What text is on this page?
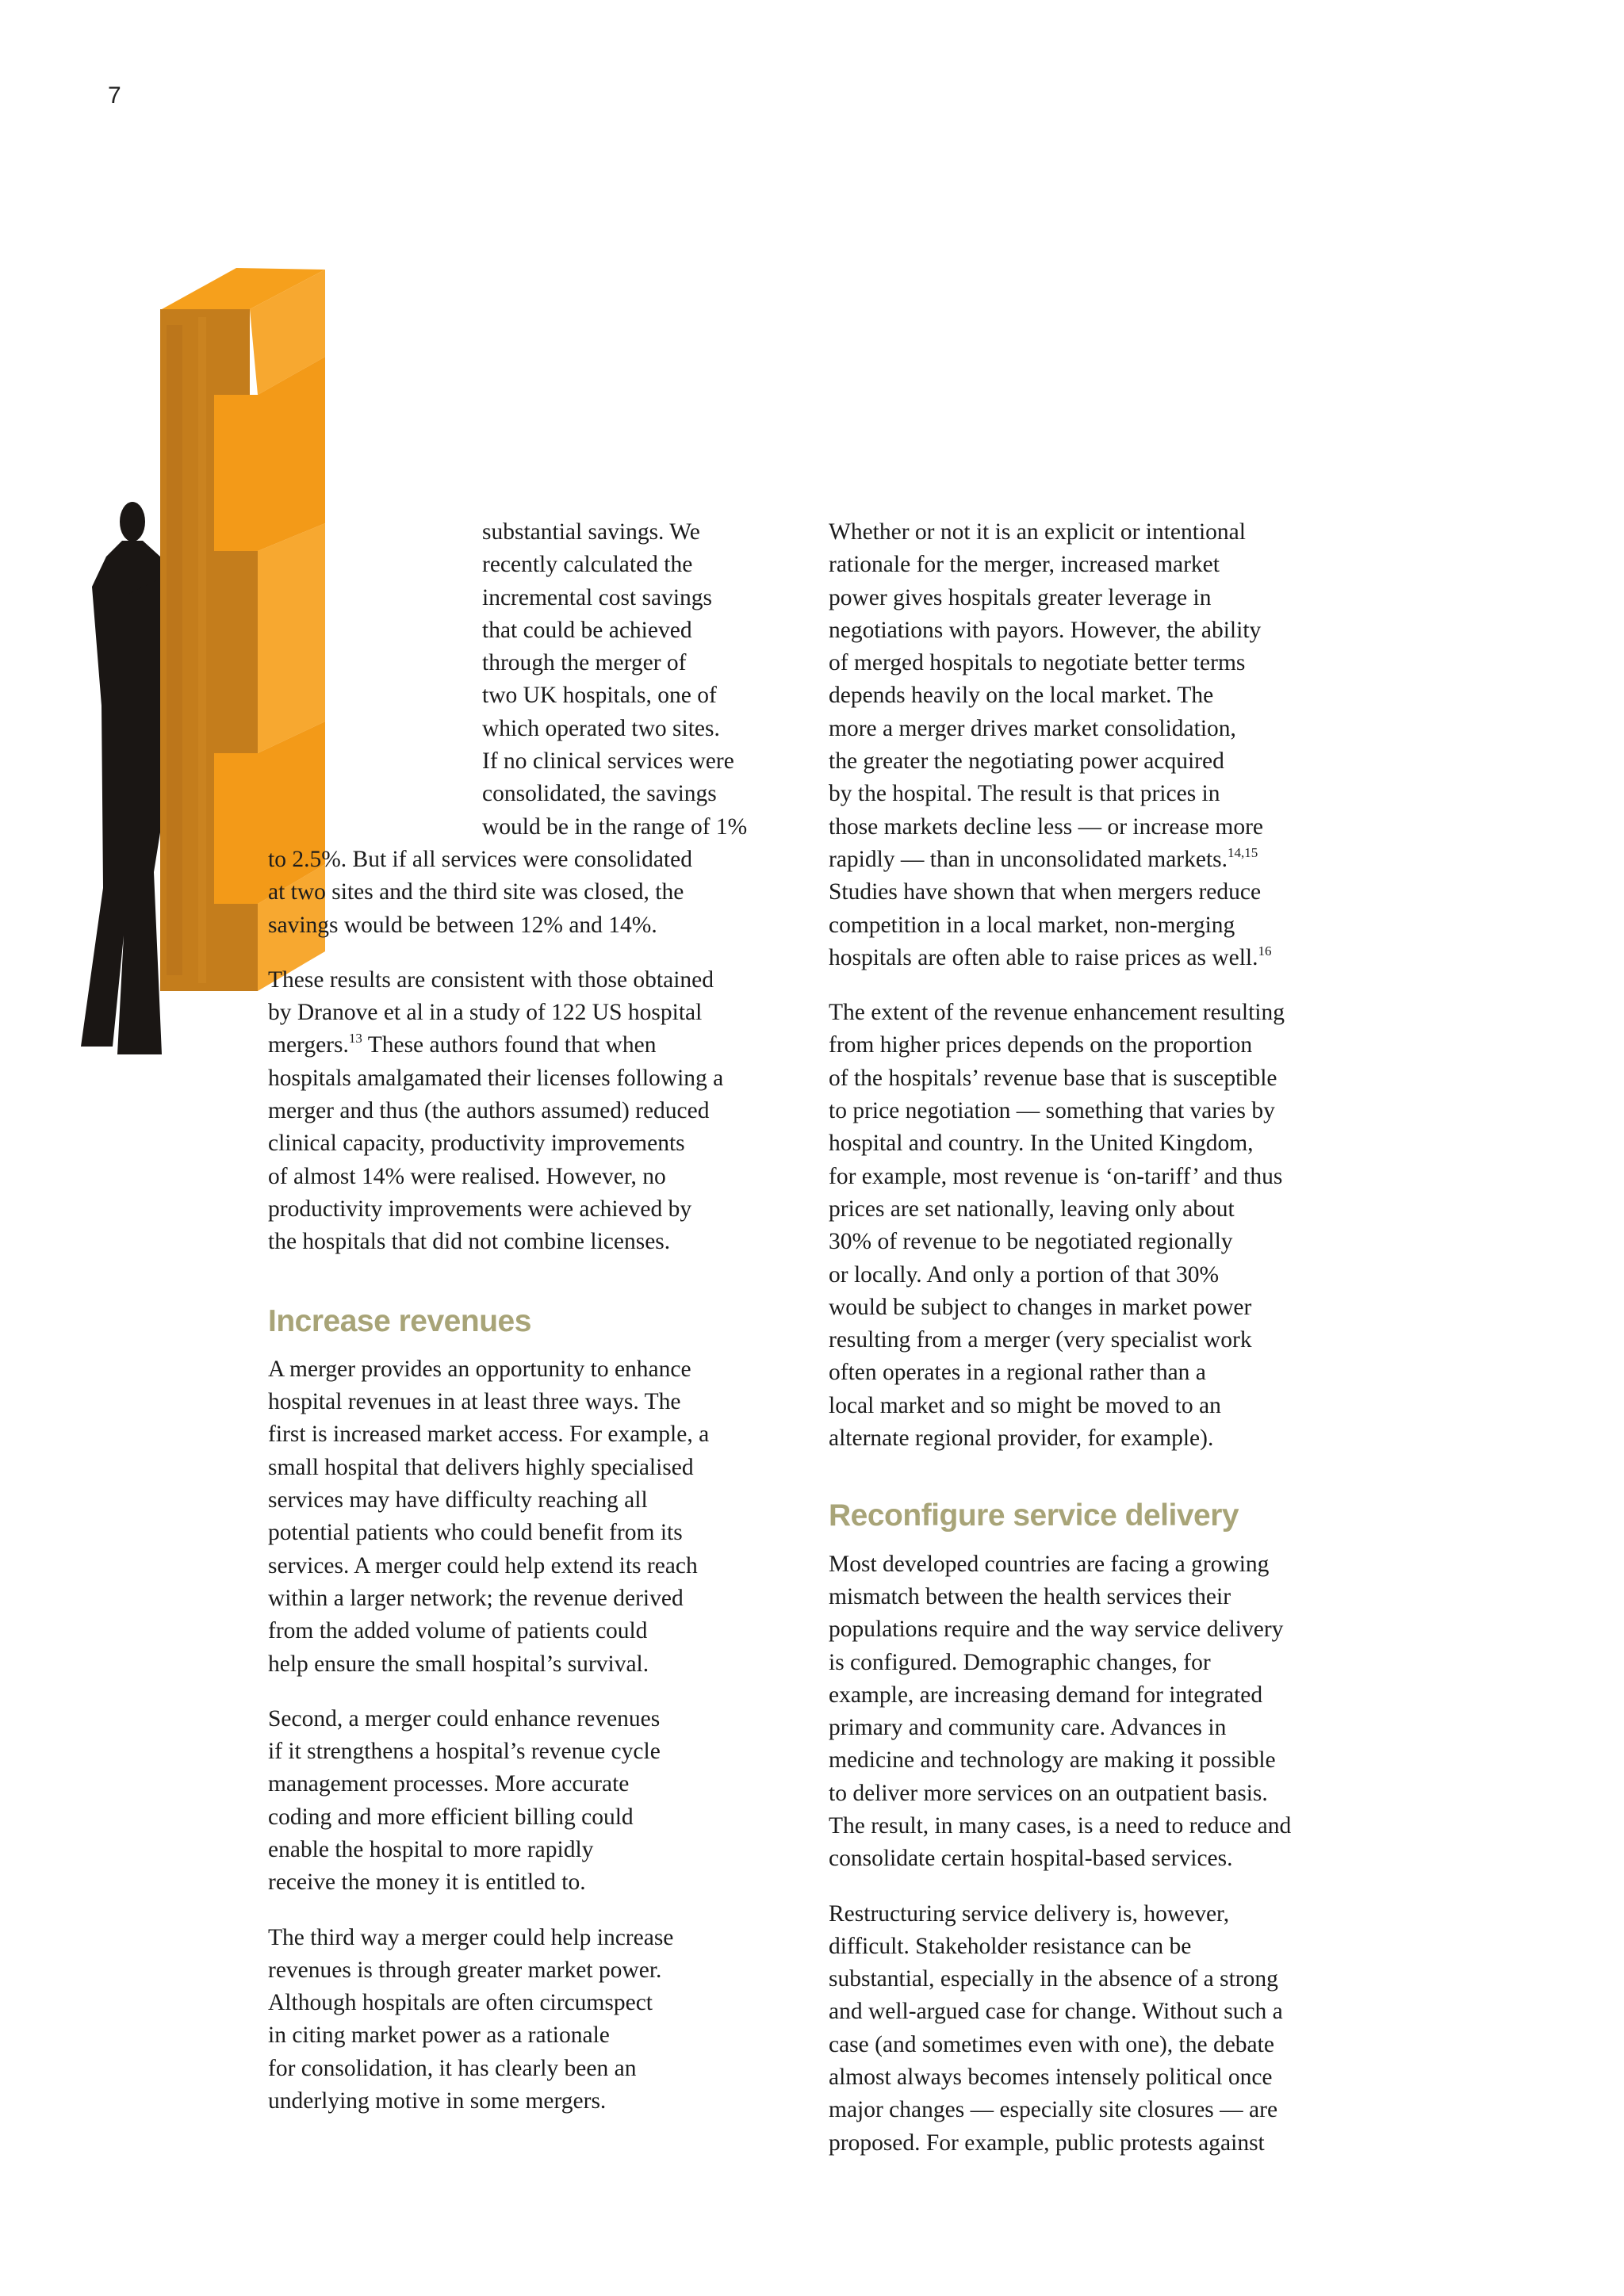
7

substantial savings. We
recently calculated the
incremental cost savings
that could be achieved
through the merger of
two UK hospitals, one of
which operated two sites.
If no clinical services were
consolidated, the savings
would be in the range of 1%

to 2.5%. But if all services were consolidated
at two sites and the third site was closed, the
savings would be between 12% and 14%.

These results are consistent with those obtained
by Dranove et al in a study of 122 US hospital
mergers.$^{13}$ These authors found that when
hospitals amalgamated their licenses following a
merger and thus (the authors assumed) reduced
clinical capacity, productivity improvements
of almost 14% were realised. However, no
productivity improvements were achieved by
the hospitals that did not combine licenses.

Increase revenues

A merger provides an opportunity to enhance
hospital revenues in at least three ways. The
first is increased market access. For example, a
small hospital that delivers highly specialised
services may have difficulty reaching all
potential patients who could benefit from its
services. A merger could help extend its reach
within a larger network; the revenue derived
from the added volume of patients could
help ensure the small hospital’s survival.

Second, a merger could enhance revenues
if it strengthens a hospital’s revenue cycle
management processes. More accurate
coding and more efficient billing could
enable the hospital to more rapidly
receive the money it is entitled to.

The third way a merger could help increase
revenues is through greater market power.
Although hospitals are often circumspect
in citing market power as a rationale
for consolidation, it has clearly been an
underlying motive in some mergers.

Whether or not it is an explicit or intentional
rationale for the merger, increased market
power gives hospitals greater leverage in
negotiations with payors. However, the ability
of merged hospitals to negotiate better terms
depends heavily on the local market. The
more a merger drives market consolidation,
the greater the negotiating power acquired
by the hospital. The result is that prices in
those markets decline less — or increase more
rapidly — than in unconsolidated markets.$^{14,15}$
Studies have shown that when mergers reduce
competition in a local market, non-merging
hospitals are often able to raise prices as well.$^{16}$

The extent of the revenue enhancement resulting
from higher prices depends on the proportion
of the hospitals’ revenue base that is susceptible
to price negotiation — something that varies by
hospital and country. In the United Kingdom,
for example, most revenue is ‘on-tariff’ and thus
prices are set nationally, leaving only about
30% of revenue to be negotiated regionally
or locally. And only a portion of that 30%
would be subject to changes in market power
resulting from a merger (very specialist work
often operates in a regional rather than a
local market and so might be moved to an
alternate regional provider, for example).

Reconfigure service delivery

Most developed countries are facing a growing
mismatch between the health services their
populations require and the way service delivery
is configured. Demographic changes, for
example, are increasing demand for integrated
primary and community care. Advances in
medicine and technology are making it possible
to deliver more services on an outpatient basis.
The result, in many cases, is a need to reduce and
consolidate certain hospital-based services.

Restructuring service delivery is, however,
difficult. Stakeholder resistance can be
substantial, especially in the absence of a strong
and well-argued case for change. Without such a
case (and sometimes even with one), the debate
almost always becomes intensely political once
major changes — especially site closures — are
proposed. For example, public protests against
